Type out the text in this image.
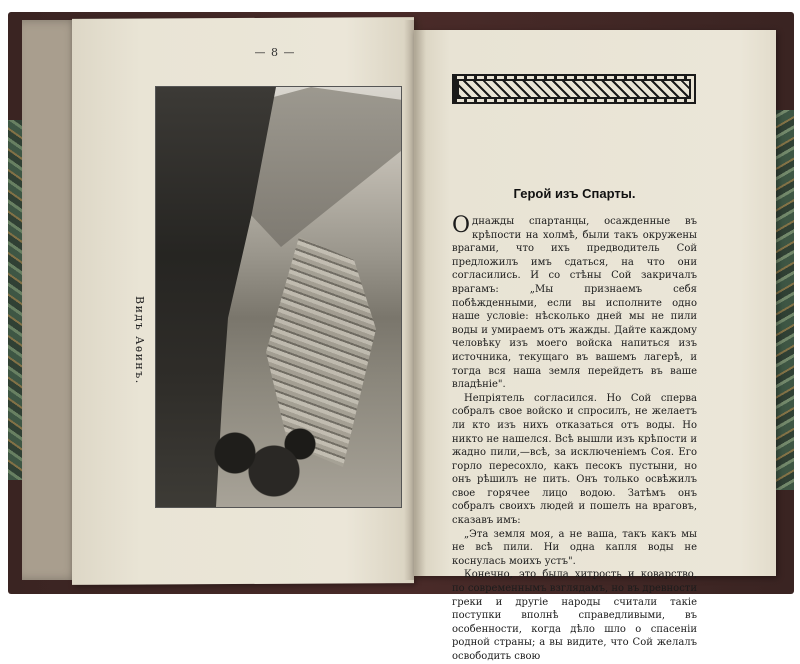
— 8 —
Видъ Аѳинъ.
Герой изъ Спарты.

Однажды спартанцы, осажденные въ крѣпости на холмѣ, были такъ окружены врагами, что ихъ предводитель Сой предложилъ имъ сдаться, на что они согласились. И со стѣны Сой закричалъ врагамъ: „Мы признаемъ себя побѣжденными, если вы исполните одно наше условіе: нѣсколько дней мы не пили воды и умираемъ отъ жажды. Дайте каждому человѣку изъ моего войска напиться изъ источника, текущаго въ вашемъ лагерѣ, и тогда вся наша земля перейдетъ въ ваше владѣніе".

Непріятель согласился. Но Сой сперва собралъ свое войско и спросилъ, не желаетъ ли кто изъ нихъ отказаться отъ воды. Но никто не нашелся. Всѣ вышли изъ крѣпости и жадно пили,—всѣ, за исключеніемъ Соя. Его горло пересохло, какъ песокъ пустыни, но онъ рѣшилъ не пить. Онъ только освѣжилъ свое горячее лицо водою. Затѣмъ онъ собралъ своихъ людей и пошелъ на враговъ, сказавъ имъ:

„Эта земля моя, а не ваша, такъ какъ мы не всѣ пили. Ни одна капля воды не коснулась моихъ устъ".

Конечно, это была хитрость и коварство, по современнымъ взглядамъ, но въ древности греки и другіе народы считали такіе поступки вполнѣ справедливыми, въ особенности, когда дѣло шло о спасеніи родной страны; а вы видите, что Сой желалъ освободить свою
